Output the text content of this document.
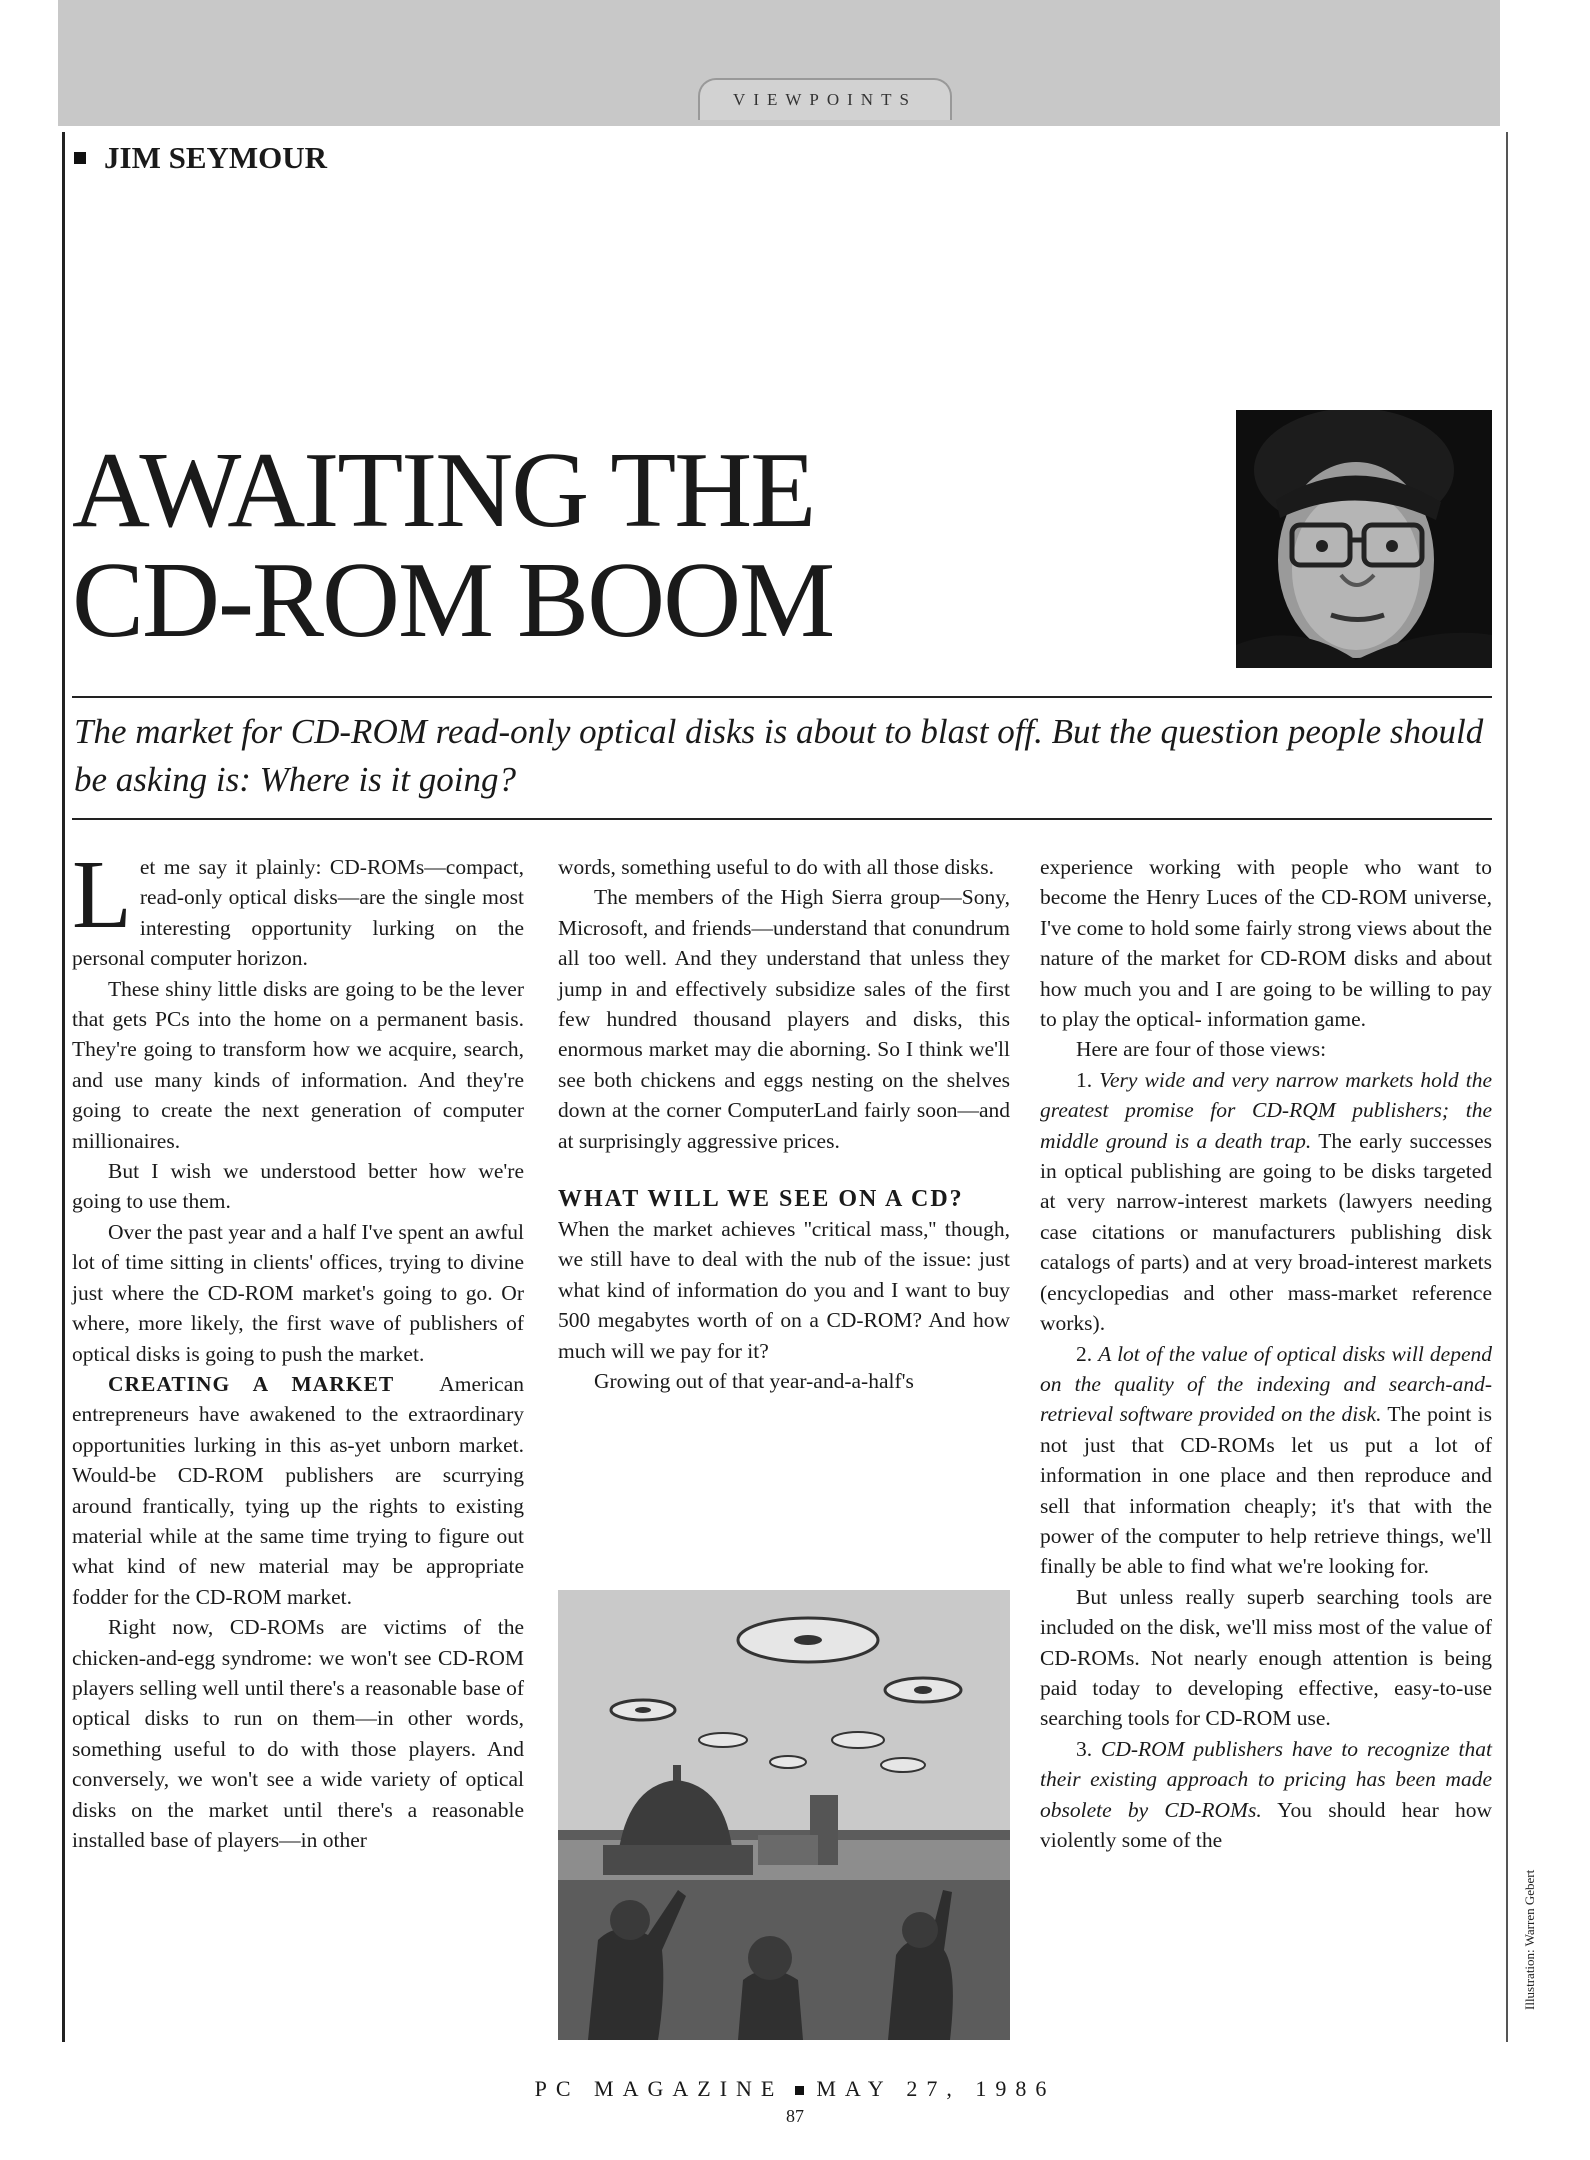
VIEWPOINTS
JIM SEYMOUR
AWAITING THE
CD-ROM BOOM
The market for CD-ROM read-only optical disks is about to blast off. But the question people should be asking is: Where is it going?

Let me say it plainly: CD-ROMs—compact, read-only optical disks—are the single most interesting opportunity lurking on the personal computer horizon.

These shiny little disks are going to be the lever that gets PCs into the home on a permanent basis. They're going to transform how we acquire, search, and use many kinds of information. And they're going to create the next generation of computer millionaires.

But I wish we understood better how we're going to use them.

Over the past year and a half I've spent an awful lot of time sitting in clients' offices, trying to divine just where the CD-ROM market's going to go. Or where, more likely, the first wave of publishers of optical disks is going to push the market.

CREATING A MARKET American entrepreneurs have awakened to the extraordinary opportunities lurking in this as-yet unborn market. Would-be CD-ROM publishers are scurrying around frantically, tying up the rights to existing material while at the same time trying to figure out what kind of new material may be appropriate fodder for the CD-ROM market.

Right now, CD-ROMs are victims of the chicken-and-egg syndrome: we won't see CD-ROM players selling well until there's a reasonable base of optical disks to run on them—in other words, something useful to do with those players. And conversely, we won't see a wide variety of optical disks on the market until there's a reasonable installed base of players—in other

words, something useful to do with all those disks.

The members of the High Sierra group—Sony, Microsoft, and friends—understand that conundrum all too well. And they understand that unless they jump in and effectively subsidize sales of the first few hundred thousand players and disks, this enormous market may die aborning. So I think we'll see both chickens and eggs nesting on the shelves down at the corner ComputerLand fairly soon—and at surprisingly aggressive prices.

WHAT WILL WE SEE ON A CD?

When the market achieves ''critical mass,'' though, we still have to deal with the nub of the issue: just what kind of information do you and I want to buy 500 megabytes worth of on a CD-ROM? And how much will we pay for it?

Growing out of that year-and-a-half's

experience working with people who want to become the Henry Luces of the CD-ROM universe, I've come to hold some fairly strong views about the nature of the market for CD-ROM disks and about how much you and I are going to be willing to pay to play the optical- information game.

Here are four of those views:

1. Very wide and very narrow markets hold the greatest promise for CD-RQM publishers; the middle ground is a death trap. The early successes in optical publishing are going to be disks targeted at very narrow-interest markets (lawyers needing case citations or manufacturers publishing disk catalogs of parts) and at very broad-interest markets (encyclopedias and other mass-market reference works).

2. A lot of the value of optical disks will depend on the quality of the indexing and search-and-retrieval software provided on the disk. The point is not just that CD-ROMs let us put a lot of information in one place and then reproduce and sell that information cheaply; it's that with the power of the computer to help retrieve things, we'll finally be able to find what we're looking for.

But unless really superb searching tools are included on the disk, we'll miss most of the value of CD-ROMs. Not nearly enough attention is being paid today to developing effective, easy-to-use searching tools for CD-ROM use.

3. CD-ROM publishers have to recognize that their existing approach to pricing has been made obsolete by CD-ROMs. You should hear how violently some of the

Illustration: Warren Gebert
PC MAGAZINE MAY 27, 1986
87
